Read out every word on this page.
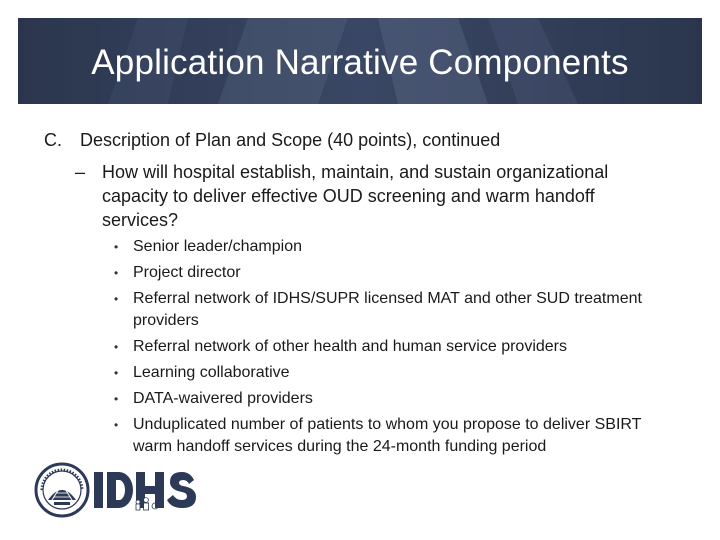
Application Narrative Components
C. Description of Plan and Scope (40 points), continued
– How will hospital establish, maintain, and sustain organizational capacity to deliver effective OUD screening and warm handoff services?
• Senior leader/champion
• Project director
• Referral network of IDHS/SUPR licensed MAT and other SUD treatment providers
• Referral network of other health and human service providers
• Learning collaborative
• DATA-waivered providers
• Unduplicated number of patients to whom you propose to deliver SBIRT warm handoff services during the 24-month funding period
